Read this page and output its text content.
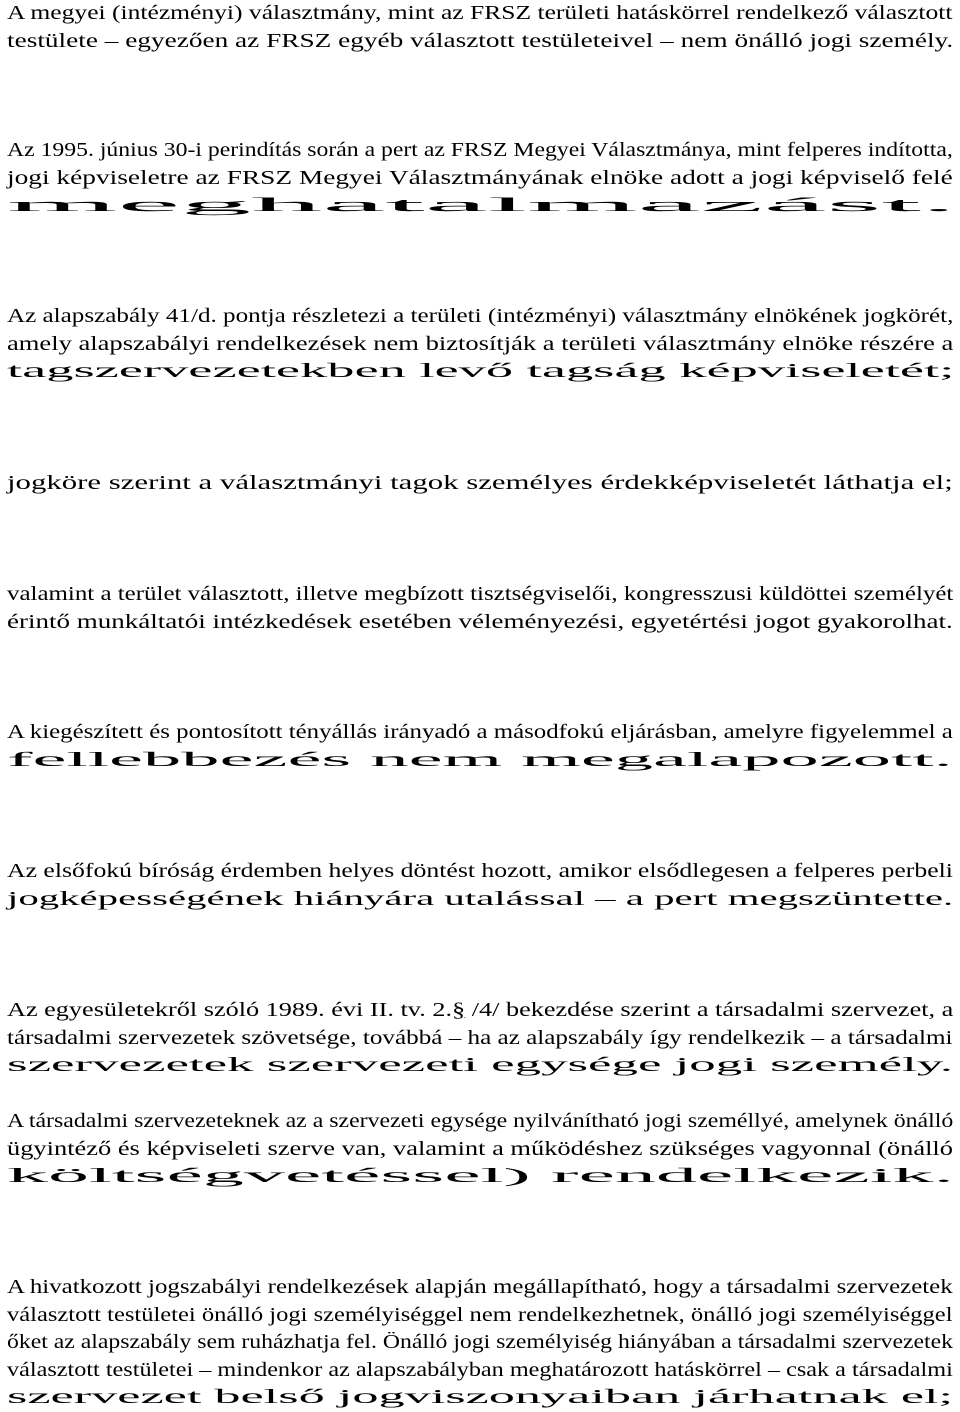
A megyei (intézményi) választmány, mint az FRSZ területi hatáskörrel rendelkező választott
testülete – egyezően az FRSZ egyéb választott testületeivel – nem önálló jogi személy.

Az 1995. június 30-i perindítás során a pert az FRSZ Megyei Választmánya, mint felperes indította,
jogi képviseletre az FRSZ Megyei Választmányának elnöke adott a jogi képviselő felé
meghatalmazást.

Az alapszabály 41/d. pontja részletezi a területi (intézményi) választmány elnökének jogkörét,
amely alapszabályi rendelkezések nem biztosítják a területi választmány elnöke részére a
tagszervezetekben levő tagság képviseletét;

jogköre szerint a választmányi tagok személyes érdekképviseletét láthatja el;

valamint a terület választott, illetve megbízott tisztségviselői, kongresszusi küldöttei személyét
érintő munkáltatói intézkedések esetében véleményezési, egyetértési jogot gyakorolhat.

A kiegészített és pontosított tényállás irányadó a másodfokú eljárásban, amelyre figyelemmel a
fellebbezés nem megalapozott.

Az elsőfokú bíróság érdemben helyes döntést hozott, amikor elsődlegesen a felperes perbeli
jogképességének hiányára utalással – a pert megszüntette.

Az egyesületekről szóló 1989. évi II. tv. 2.§ /4/ bekezdése szerint a társadalmi szervezet, a
társadalmi szervezetek szövetsége, továbbá – ha az alapszabály így rendelkezik – a társadalmi
szervezetek szervezeti egysége jogi személy.

A társadalmi szervezeteknek az a szervezeti egysége nyilvánítható jogi személlyé, amelynek önálló
ügyintéző és képviseleti szerve van, valamint a működéshez szükséges vagyonnal (önálló
költségvetéssel) rendelkezik.

A hivatkozott jogszabályi rendelkezések alapján megállapítható, hogy a társadalmi szervezetek
választott testületei önálló jogi személyiséggel nem rendelkezhetnek, önálló jogi személyiséggel
őket az alapszabály sem ruházhatja fel. Önálló jogi személyiség hiányában a társadalmi szervezetek
választott testületei – mindenkor az alapszabályban meghatározott hatáskörrel – csak a társadalmi
szervezet belső jogviszonyaiban járhatnak el;
